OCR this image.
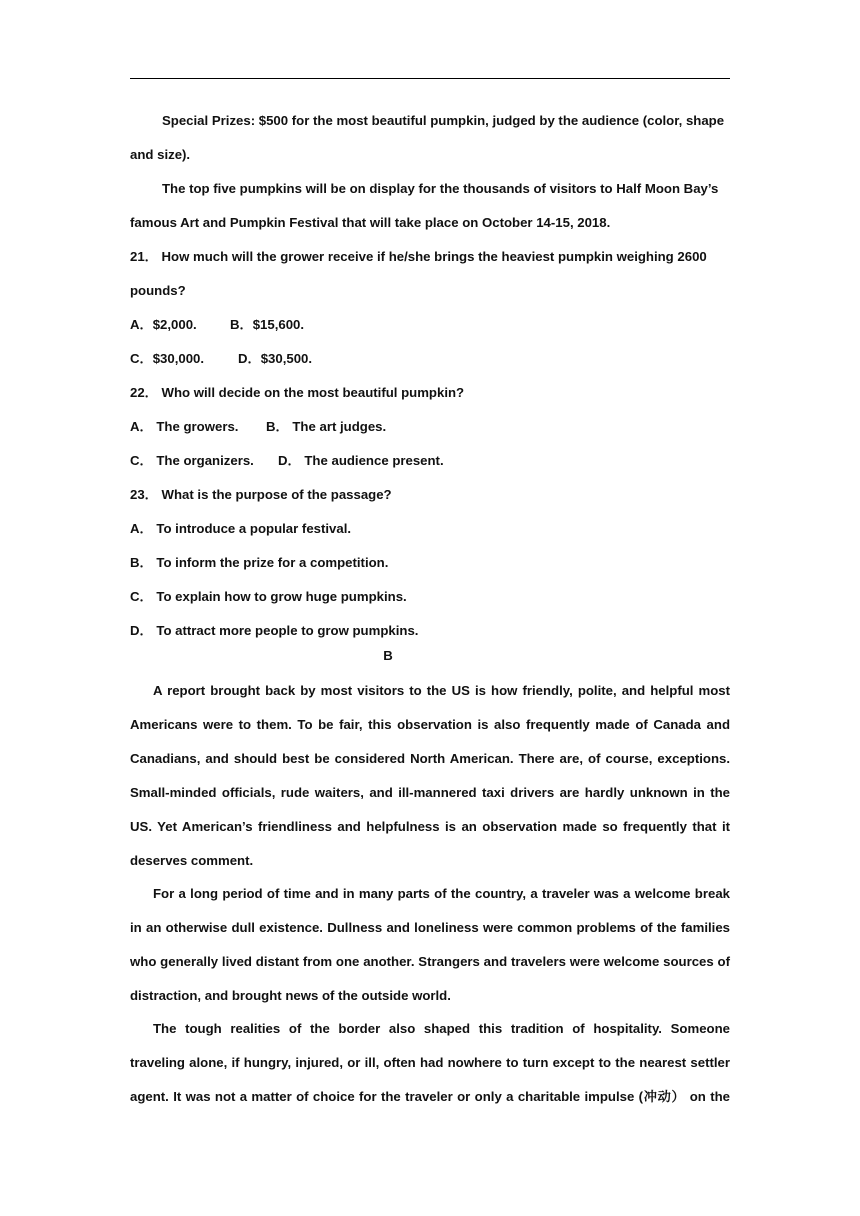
Special Prizes: $500 for the most beautiful pumpkin, judged by the audience (color, shape
and size).
The top five pumpkins will be on display for the thousands of visitors to Half Moon Bay’s
famous Art and Pumpkin Festival that will take place on October 14-15, 2018.
21． How much will the grower receive if he/she brings the heaviest pumpkin weighing 2600
pounds?
A．$2,000.	B．$15,600.
C．$30,000.	D．$30,500.
22． Who will decide on the most beautiful pumpkin?
A． The growers. B． The art judges.
C． The organizers. D． The audience present.
23． What is the purpose of the passage?
A． To introduce a popular festival.
B． To inform the prize for a competition.
C． To explain how to grow huge pumpkins.
D． To attract more people to grow pumpkins.
B
A report brought back by most visitors to the US is how friendly, polite, and helpful most
Americans were to them. To be fair, this observation is also frequently made of Canada and
Canadians, and should best be considered North American. There are, of course, exceptions.
Small-minded officials, rude waiters, and ill-mannered taxi drivers are hardly unknown in the
US. Yet American’s friendliness and helpfulness is an observation made so frequently that it
deserves comment.
For a long period of time and in many parts of the country, a traveler was a welcome break
in an otherwise dull existence. Dullness and loneliness were common problems of the families
who generally lived distant from one another. Strangers and travelers were welcome sources of
distraction, and brought news of the outside world.
The tough realities of the border also shaped this tradition of hospitality. Someone
traveling alone, if hungry, injured, or ill, often had nowhere to turn except to the nearest settler
agent. It was not a matter of choice for the traveler or only a charitable impulse (冲动） on the
